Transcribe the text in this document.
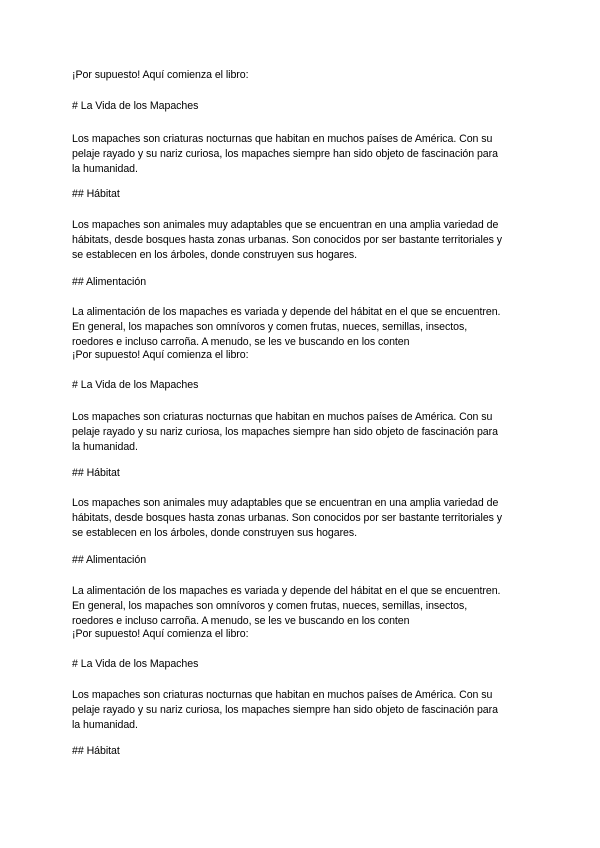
¡Por supuesto! Aquí comienza el libro:
# La Vida de los Mapaches
Los mapaches son criaturas nocturnas que habitan en muchos países de América. Con su
pelaje rayado y su nariz curiosa, los mapaches siempre han sido objeto de fascinación para
la humanidad.
## Hábitat
Los mapaches son animales muy adaptables que se encuentran en una amplia variedad de
hábitats, desde bosques hasta zonas urbanas. Son conocidos por ser bastante territoriales y
se establecen en los árboles, donde construyen sus hogares.
## Alimentación
La alimentación de los mapaches es variada y depende del hábitat en el que se encuentren.
En general, los mapaches son omnívoros y comen frutas, nueces, semillas, insectos,
roedores e incluso carroña. A menudo, se les ve buscando en los conten
¡Por supuesto! Aquí comienza el libro:
# La Vida de los Mapaches
Los mapaches son criaturas nocturnas que habitan en muchos países de América. Con su
pelaje rayado y su nariz curiosa, los mapaches siempre han sido objeto de fascinación para
la humanidad.
## Hábitat
Los mapaches son animales muy adaptables que se encuentran en una amplia variedad de
hábitats, desde bosques hasta zonas urbanas. Son conocidos por ser bastante territoriales y
se establecen en los árboles, donde construyen sus hogares.
## Alimentación
La alimentación de los mapaches es variada y depende del hábitat en el que se encuentren.
En general, los mapaches son omnívoros y comen frutas, nueces, semillas, insectos,
roedores e incluso carroña. A menudo, se les ve buscando en los conten
¡Por supuesto! Aquí comienza el libro:
# La Vida de los Mapaches
Los mapaches son criaturas nocturnas que habitan en muchos países de América. Con su
pelaje rayado y su nariz curiosa, los mapaches siempre han sido objeto de fascinación para
la humanidad.
## Hábitat
